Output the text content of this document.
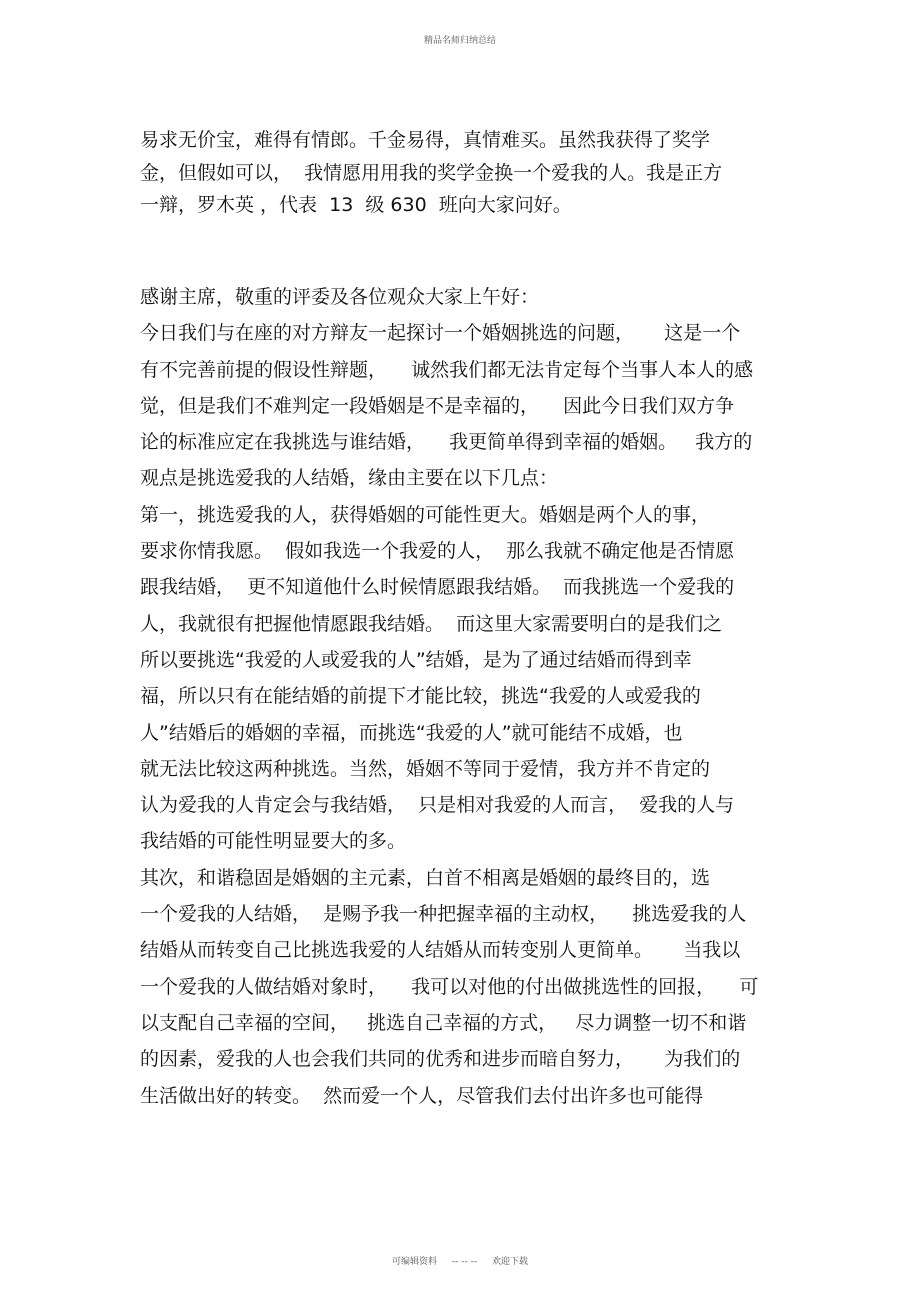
精品名师归纳总结
易求无价宝，难得有情郎。千金易得，真情难买。虽然我获得了奖学
金，但假如可以，  我情愿用用我的奖学金换一个爱我的人。我是正方
一辩，罗木英 ，代表  13  级 630  班向大家问好。
感谢主席，敬重的评委及各位观众大家上午好：
今日我们与在座的对方辩友一起探讨一个婚姻挑选的问题，     这是一个
有不完善前提的假设性辩题，    诚然我们都无法肯定每个当事人本人的感
觉，但是我们不难判定一段婚姻是不是幸福的，    因此今日我们双方争
论的标准应定在我挑选与谁结婚，    我更简单得到幸福的婚姻。   我方的
观点是挑选爱我的人结婚，缘由主要在以下几点：
第一，挑选爱我的人，获得婚姻的可能性更大。婚姻是两个人的事，
要求你情我愿。  假如我选一个我爱的人，  那么我就不确定他是否情愿
跟我结婚，  更不知道他什么时候情愿跟我结婚。  而我挑选一个爱我的
人，我就很有把握他情愿跟我结婚。  而这里大家需要明白的是我们之
所以要挑选“我爱的人或爱我的人”结婚，是为了通过结婚而得到幸
福，所以只有在能结婚的前提下才能比较，挑选“我爱的人或爱我的
人”结婚后的婚姻的幸福，而挑选“我爱的人”就可能结不成婚，也
就无法比较这两种挑选。当然，婚姻不等同于爱情，我方并不肯定的
认为爱我的人肯定会与我结婚，  只是相对我爱的人而言，  爱我的人与
我结婚的可能性明显要大的多。
其次，和谐稳固是婚姻的主元素，白首不相离是婚姻的最终目的，选
一个爱我的人结婚，  是赐予我一种把握幸福的主动权，    挑选爱我的人
结婚从而转变自己比挑选我爱的人结婚从而转变别人更简单。     当我以
一个爱我的人做结婚对象时，    我可以对他的付出做挑选性的回报，    可
以支配自己幸福的空间，   挑选自己幸福的方式，   尽力调整一切不和谐
的因素，爱我的人也会我们共同的优秀和进步而暗自努力，     为我们的
生活做出好的转变。  然而爱一个人，尽管我们去付出许多也可能得
可编辑资料 -- -- -- 欢迎下载
